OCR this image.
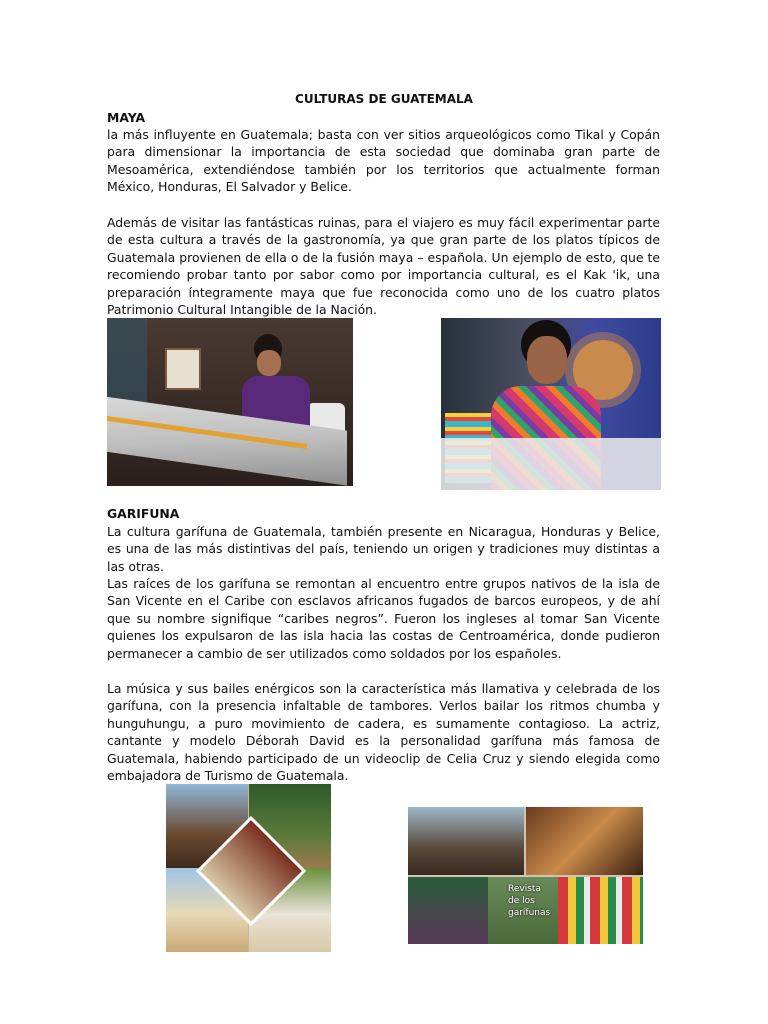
CULTURAS DE GUATEMALA
MAYA

la más influyente en Guatemala; basta con ver sitios arqueológicos como Tikal y Copán para dimensionar la importancia de esta sociedad que dominaba gran parte de Mesoamérica, extendiéndose también por los territorios que actualmente forman México, Honduras, El Salvador y Belice.

Además de visitar las fantásticas ruinas, para el viajero es muy fácil experimentar parte de esta cultura a través de la gastronomía, ya que gran parte de los platos típicos de Guatemala provienen de ella o de la fusión maya – española. Un ejemplo de esto, que te recomiendo probar tanto por sabor como por importancia cultural, es el Kak 'ik, una preparación íntegramente maya que fue reconocida como uno de los cuatro platos Patrimonio Cultural Intangible de la Nación.

GARIFUNA

La cultura garífuna de Guatemala, también presente en Nicaragua, Honduras y Belice, es una de las más distintivas del país, teniendo un origen y tradiciones muy distintas a las otras.

Las raíces de los garífuna se remontan al encuentro entre grupos nativos de la isla de San Vicente en el Caribe con esclavos africanos fugados de barcos europeos, y de ahí que su nombre signifique “caribes negros”. Fueron los ingleses al tomar San Vicente quienes los expulsaron de las isla hacia las costas de Centroamérica, donde pudieron permanecer a cambio de ser utilizados como soldados por los españoles.

La música y sus bailes enérgicos son la característica más llamativa y celebrada de los garífuna, con la presencia infaltable de tambores. Verlos bailar los ritmos chumba y hunguhungu, a puro movimiento de cadera, es sumamente contagioso. La actriz, cantante y modelo Déborah David es la personalidad garífuna más famosa de Guatemala, habiendo participado de un videoclip de Celia Cruz y siendo elegida como embajadora de Turismo de Guatemala.

Revista
de los
garífunas
